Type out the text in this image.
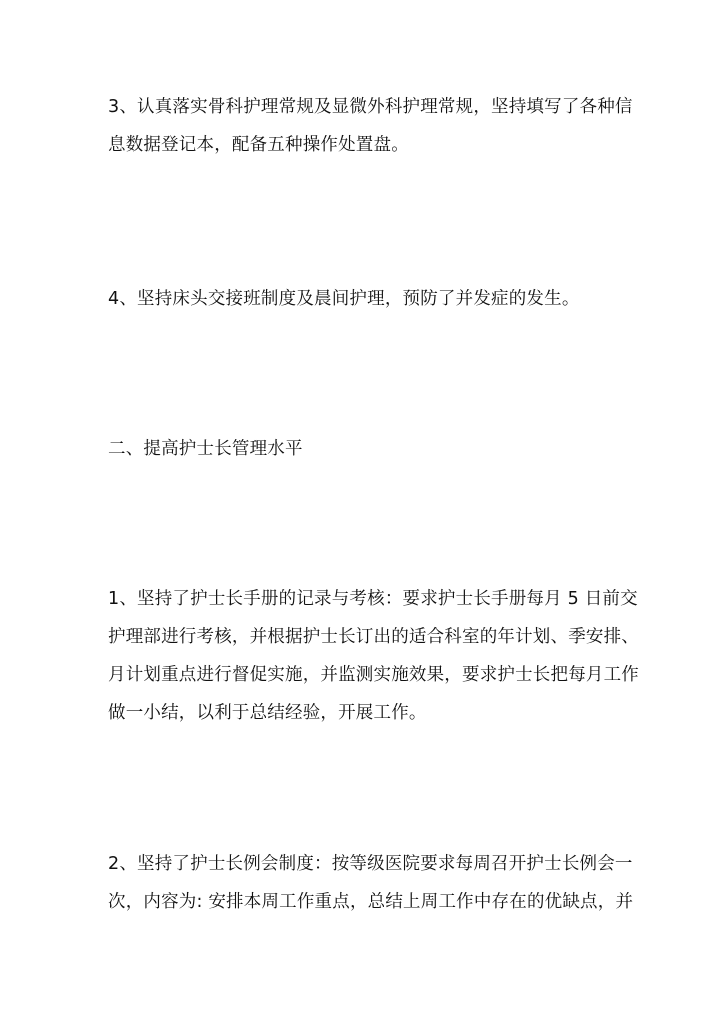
3、认真落实骨科护理常规及显微外科护理常规，坚持填写了各种信
息数据登记本，配备五种操作处置盘。

4、坚持床头交接班制度及晨间护理，预防了并发症的发生。

二、提高护士长管理水平

1、坚持了护士长手册的记录与考核：要求护士长手册每月 5 日前交
护理部进行考核，并根据护士长订出的适合科室的年计划、季安排、
月计划重点进行督促实施，并监测实施效果，要求护士长把每月工作
做一小结，以利于总结经验，开展工作。

2、坚持了护士长例会制度：按等级医院要求每周召开护士长例会一
次，内容为: 安排本周工作重点，总结上周工作中存在的优缺点，并
